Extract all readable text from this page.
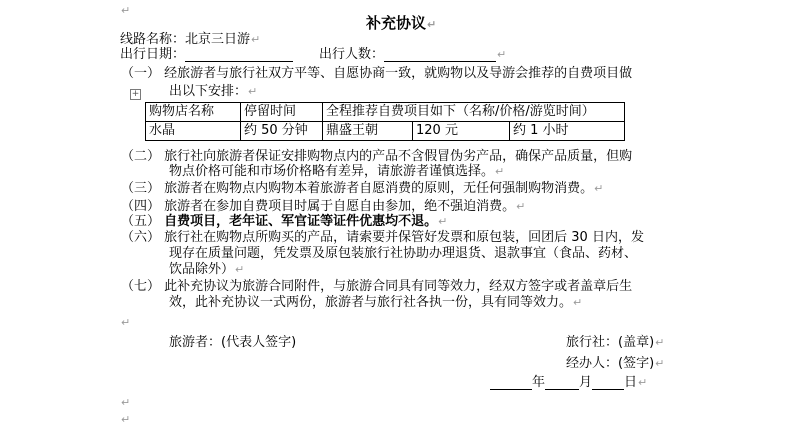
↵
补充协议↵
线路名称：北京三日游↵
出行日期：	出行人数：	↵
（一） 经旅游者与旅行社双方平等、自愿协商一致，就购物以及导游会推荐的自费项目做
出以下安排：↵
+
购物店名称	停留时间	全程推荐自费项目如下（名称/价格/游览时间）		
水晶	约 50 分钟	鼎盛王朝	120 元	约 1 小时
（二） 旅行社向旅游者保证安排购物点内的产品不含假冒伪劣产品，确保产品质量，但购
物点价格可能和市场价格略有差异，请旅游者谨慎选择。↵
（三） 旅游者在购物点内购物本着旅游者自愿消费的原则，无任何强制购物消费。↵
（四） 旅游者在参加自费项目时属于自愿自由参加，绝不强迫消费。↵
（五） 自费项目，老年证、军官证等证件优惠均不退。↵
（六） 旅行社在购物点所购买的产品，请索要并保管好发票和原包装，回团后 30 日内，发
现存在质量问题，凭发票及原包装旅行社协助办理退货、退款事宜（食品、药材、
饮品除外）↵
（七） 此补充协议为旅游合同附件，与旅游合同具有同等效力，经双方签字或者盖章后生
效，此补充协议一式两份，旅游者与旅行社各执一份，具有同等效力。↵
↵
旅游者：(代表人签字)	旅行社：(盖章)↵
经办人：(签字)↵
年	月 日↵
↵
↵
